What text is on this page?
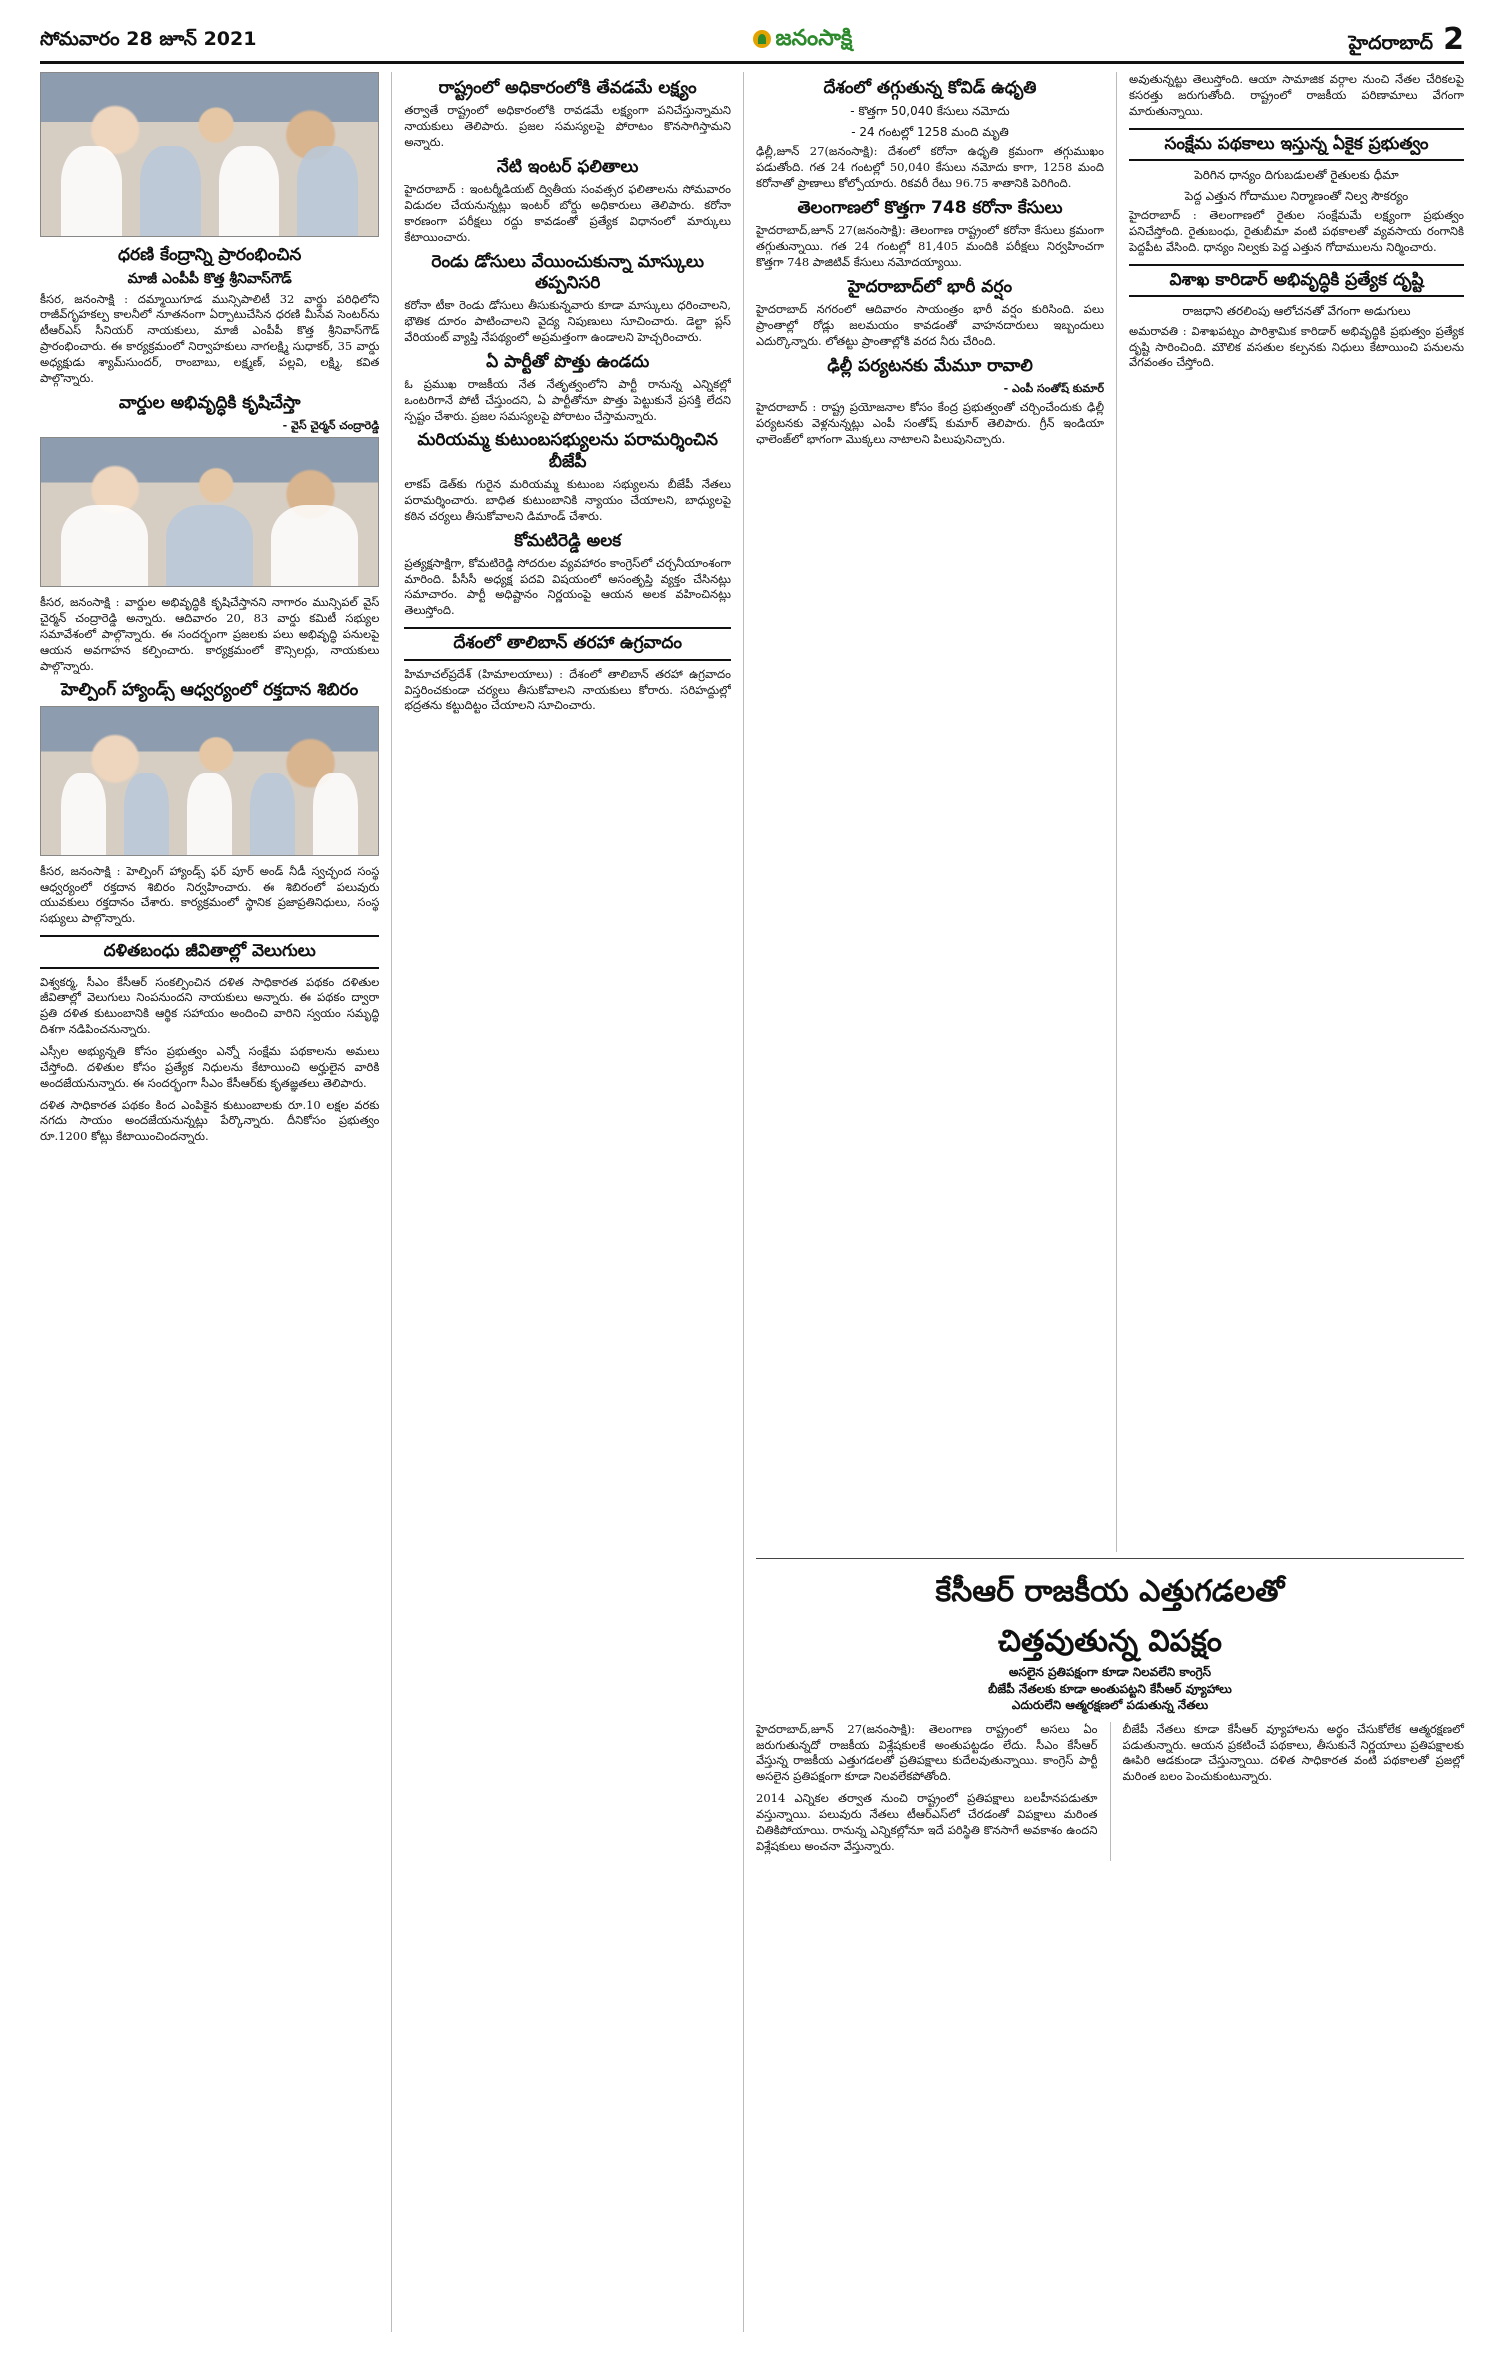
సోమవారం 28 జూన్ 2021	జనంసాక్షి	హైదరాబాద్ 2
ధరణి కేంద్రాన్ని ప్రారంభించిన
మాజీ ఎంపీపీ కొత్త శ్రీనివాస్‌గౌడ్

కీసర, జనంసాక్షి : దమ్మాయిగూడ మున్సిపాలిటీ 32 వార్డు పరిధిలోని రాజీవ్‌గృహకల్ప కాలనీలో నూతనంగా ఏర్పాటుచేసిన ధరణి మీసేవ సెంటర్‌ను టీఆర్ఎస్ సీనియర్ నాయకులు, మాజీ ఎంపీపీ కొత్త శ్రీనివాస్‌గౌడ్ ప్రారంభించారు. ఈ కార్యక్రమంలో నిర్వాహకులు నాగలక్ష్మి సుధాకర్, 35 వార్డు అధ్యక్షుడు శ్యామ్‌సుందర్, రాంబాబు, లక్ష్మణ్, పల్లవి, లక్ష్మి, కవిత పాల్గొన్నారు.

వార్డుల అభివృద్ధికి కృషిచేస్తా
- వైస్ చైర్మన్ చంద్రారెడ్డి

కీసర, జనంసాక్షి : వార్డుల అభివృద్ధికి కృషిచేస్తానని నాగారం మున్సిపల్ వైస్ చైర్మన్ చంద్రారెడ్డి అన్నారు. ఆదివారం 20, 83 వార్డు కమిటీ సభ్యుల సమావేశంలో పాల్గొన్నారు. ఈ సందర్భంగా ప్రజలకు పలు అభివృద్ధి పనులపై ఆయన అవగాహన కల్పించారు. కార్యక్రమంలో కౌన్సిలర్లు, నాయకులు పాల్గొన్నారు.

హెల్పింగ్ హ్యాండ్స్ ఆధ్వర్యంలో రక్తదాన శిబిరం

కీసర, జనంసాక్షి : హెల్పింగ్ హ్యాండ్స్ ఫర్ పూర్ అండ్ నీడీ స్వచ్ఛంద సంస్థ ఆధ్వర్యంలో రక్తదాన శిబిరం నిర్వహించారు. ఈ శిబిరంలో పలువురు యువకులు రక్తదానం చేశారు. కార్యక్రమంలో స్థానిక ప్రజాప్రతినిధులు, సంస్థ సభ్యులు పాల్గొన్నారు.

దళితబంధు జీవితాల్లో వెలుగులు

విశ్వకర్మ, సీఎం కేసీఆర్ సంకల్పించిన దళిత సాధికారత పథకం దళితుల జీవితాల్లో వెలుగులు నింపనుందని నాయకులు అన్నారు. ఈ పథకం ద్వారా ప్రతి దళిత కుటుంబానికి ఆర్థిక సహాయం అందించి వారిని స్వయం సమృద్ధి దిశగా నడిపించనున్నారు.

ఎస్సీల అభ్యున్నతి కోసం ప్రభుత్వం ఎన్నో సంక్షేమ పథకాలను అమలు చేస్తోంది. దళితుల కోసం ప్రత్యేక నిధులను కేటాయించి అర్హులైన వారికి అందజేయనున్నారు. ఈ సందర్భంగా సీఎం కేసీఆర్‌కు కృతజ్ఞతలు తెలిపారు.

దళిత సాధికారత పథకం కింద ఎంపికైన కుటుంబాలకు రూ.10 లక్షల వరకు నగదు సాయం అందజేయనున్నట్లు పేర్కొన్నారు. దీనికోసం ప్రభుత్వం రూ.1200 కోట్లు కేటాయించిందన్నారు.

రాష్ట్రంలో అధికారంలోకి తేవడమే లక్ష్యం

తర్వాతే రాష్ట్రంలో అధికారంలోకి రావడమే లక్ష్యంగా పనిచేస్తున్నామని నాయకులు తెలిపారు. ప్రజల సమస్యలపై పోరాటం కొనసాగిస్తామని అన్నారు.

నేటి ఇంటర్ ఫలితాలు

హైదరాబాద్ : ఇంటర్మీడియట్ ద్వితీయ సంవత్సర ఫలితాలను సోమవారం విడుదల చేయనున్నట్లు ఇంటర్ బోర్డు అధికారులు తెలిపారు. కరోనా కారణంగా పరీక్షలు రద్దు కావడంతో ప్రత్యేక విధానంలో మార్కులు కేటాయించారు.

రెండు డోసులు వేయించుకున్నా మాస్కులు తప్పనిసరి

కరోనా టీకా రెండు డోసులు తీసుకున్నవారు కూడా మాస్కులు ధరించాలని, భౌతిక దూరం పాటించాలని వైద్య నిపుణులు సూచించారు. డెల్టా ప్లస్ వేరియంట్ వ్యాప్తి నేపథ్యంలో అప్రమత్తంగా ఉండాలని హెచ్చరించారు.

ఏ పార్టీతో పొత్తు ఉండదు

ఓ ప్రముఖ రాజకీయ నేత నేతృత్వంలోని పార్టీ రానున్న ఎన్నికల్లో ఒంటరిగానే పోటీ చేస్తుందని, ఏ పార్టీతోనూ పొత్తు పెట్టుకునే ప్రసక్తి లేదని స్పష్టం చేశారు. ప్రజల సమస్యలపై పోరాటం చేస్తామన్నారు.

మరియమ్మ కుటుంబసభ్యులను పరామర్శించిన బీజేపీ

లాకప్ డెత్‌కు గురైన మరియమ్మ కుటుంబ సభ్యులను బీజేపీ నేతలు పరామర్శించారు. బాధిత కుటుంబానికి న్యాయం చేయాలని, బాధ్యులపై కఠిన చర్యలు తీసుకోవాలని డిమాండ్ చేశారు.

కోమటిరెడ్డి అలక

ప్రత్యక్షసాక్షిగా, కోమటిరెడ్డి సోదరుల వ్యవహారం కాంగ్రెస్‌లో చర్చనీయాంశంగా మారింది. పీసీసీ అధ్యక్ష పదవి విషయంలో అసంతృప్తి వ్యక్తం చేసినట్లు సమాచారం. పార్టీ అధిష్టానం నిర్ణయంపై ఆయన అలక వహించినట్లు తెలుస్తోంది.

దేశంలో తాలిబాన్ తరహా ఉగ్రవాదం

హిమాచల్‌ప్రదేశ్ (హిమాలయాలు) : దేశంలో తాలిబాన్ తరహా ఉగ్రవాదం విస్తరించకుండా చర్యలు తీసుకోవాలని నాయకులు కోరారు. సరిహద్దుల్లో భద్రతను కట్టుదిట్టం చేయాలని సూచించారు.

దేశంలో తగ్గుతున్న కోవిడ్ ఉధృతి
- కొత్తగా 50,040 కేసులు నమోదు
- 24 గంటల్లో 1258 మంది మృతి

ఢిల్లీ,జూన్ 27(జనంసాక్షి): దేశంలో కరోనా ఉధృతి క్రమంగా తగ్గుముఖం పడుతోంది. గత 24 గంటల్లో 50,040 కేసులు నమోదు కాగా, 1258 మంది కరోనాతో ప్రాణాలు కోల్పోయారు. రికవరీ రేటు 96.75 శాతానికి పెరిగింది.

తెలంగాణలో కొత్తగా 748 కరోనా కేసులు

హైదరాబాద్,జూన్ 27(జనంసాక్షి): తెలంగాణ రాష్ట్రంలో కరోనా కేసులు క్రమంగా తగ్గుతున్నాయి. గత 24 గంటల్లో 81,405 మందికి పరీక్షలు నిర్వహించగా కొత్తగా 748 పాజిటివ్ కేసులు నమోదయ్యాయి.

హైదరాబాద్‌లో భారీ వర్షం

హైదరాబాద్‌ నగరంలో ఆదివారం సాయంత్రం భారీ వర్షం కురిసింది. పలు ప్రాంతాల్లో రోడ్లు జలమయం కావడంతో వాహనదారులు ఇబ్బందులు ఎదుర్కొన్నారు. లోతట్టు ప్రాంతాల్లోకి వరద నీరు చేరింది.

ఢిల్లీ పర్యటనకు మేమూ రావాలి
- ఎంపీ సంతోష్ కుమార్

హైదరాబాద్ : రాష్ట్ర ప్రయోజనాల కోసం కేంద్ర ప్రభుత్వంతో చర్చించేందుకు ఢిల్లీ పర్యటనకు వెళ్లనున్నట్లు ఎంపీ సంతోష్ కుమార్ తెలిపారు. గ్రీన్ ఇండియా ఛాలెంజ్‌లో భాగంగా మొక్కలు నాటాలని పిలుపునిచ్చారు.

అవుతున్నట్టు తెలుస్తోంది. ఆయా సామాజిక వర్గాల నుంచి నేతల చేరికలపై కసరత్తు జరుగుతోంది. రాష్ట్రంలో రాజకీయ పరిణామాలు వేగంగా మారుతున్నాయి.

సంక్షేమ పథకాలు ఇస్తున్న ఏకైక ప్రభుత్వం
పెరిగిన ధాన్యం దిగుబడులతో రైతులకు ధీమా
పెద్ద ఎత్తున గోదాముల నిర్మాణంతో నిల్వ సౌకర్యం

హైదరాబాద్ : తెలంగాణలో రైతుల సంక్షేమమే లక్ష్యంగా ప్రభుత్వం పనిచేస్తోంది. రైతుబంధు, రైతుబీమా వంటి పథకాలతో వ్యవసాయ రంగానికి పెద్దపీట వేసింది. ధాన్యం నిల్వకు పెద్ద ఎత్తున గోదాములను నిర్మించారు.

విశాఖ కారిడార్ అభివృద్ధికి ప్రత్యేక దృష్టి
రాజధాని తరలింపు ఆలోచనతో వేగంగా అడుగులు

అమరావతి : విశాఖపట్నం పారిశ్రామిక కారిడార్ అభివృద్ధికి ప్రభుత్వం ప్రత్యేక దృష్టి సారించింది. మౌలిక వసతుల కల్పనకు నిధులు కేటాయించి పనులను వేగవంతం చేస్తోంది.

కేసీఆర్ రాజకీయ ఎత్తుగడలతో
చిత్తవుతున్న విపక్షం
అసలైన ప్రతిపక్షంగా కూడా నిలవలేని కాంగ్రెస్
బీజేపీ నేతలకు కూడా అంతుపట్టని కేసీఆర్ వ్యూహాలు
ఎదురులేని ఆత్మరక్షణలో పడుతున్న నేతలు

హైదరాబాద్,జూన్ 27(జనంసాక్షి): తెలంగాణ రాష్ట్రంలో అసలు ఏం జరుగుతున్నదో రాజకీయ విశ్లేషకులకే అంతుపట్టడం లేదు. సీఎం కేసీఆర్ వేస్తున్న రాజకీయ ఎత్తుగడలతో ప్రతిపక్షాలు కుదేలవుతున్నాయి. కాంగ్రెస్ పార్టీ అసలైన ప్రతిపక్షంగా కూడా నిలవలేకపోతోంది.

2014 ఎన్నికల తర్వాత నుంచి రాష్ట్రంలో ప్రతిపక్షాలు బలహీనపడుతూ వస్తున్నాయి. పలువురు నేతలు టీఆర్ఎస్‌లో చేరడంతో విపక్షాలు మరింత చితికిపోయాయి. రానున్న ఎన్నికల్లోనూ ఇదే పరిస్థితి కొనసాగే అవకాశం ఉందని విశ్లేషకులు అంచనా వేస్తున్నారు.

బీజేపీ నేతలు కూడా కేసీఆర్ వ్యూహాలను అర్థం చేసుకోలేక ఆత్మరక్షణలో పడుతున్నారు. ఆయన ప్రకటించే పథకాలు, తీసుకునే నిర్ణయాలు ప్రతిపక్షాలకు ఊపిరి ఆడకుండా చేస్తున్నాయి. దళిత సాధికారత వంటి పథకాలతో ప్రజల్లో మరింత బలం పెంచుకుంటున్నారు.
